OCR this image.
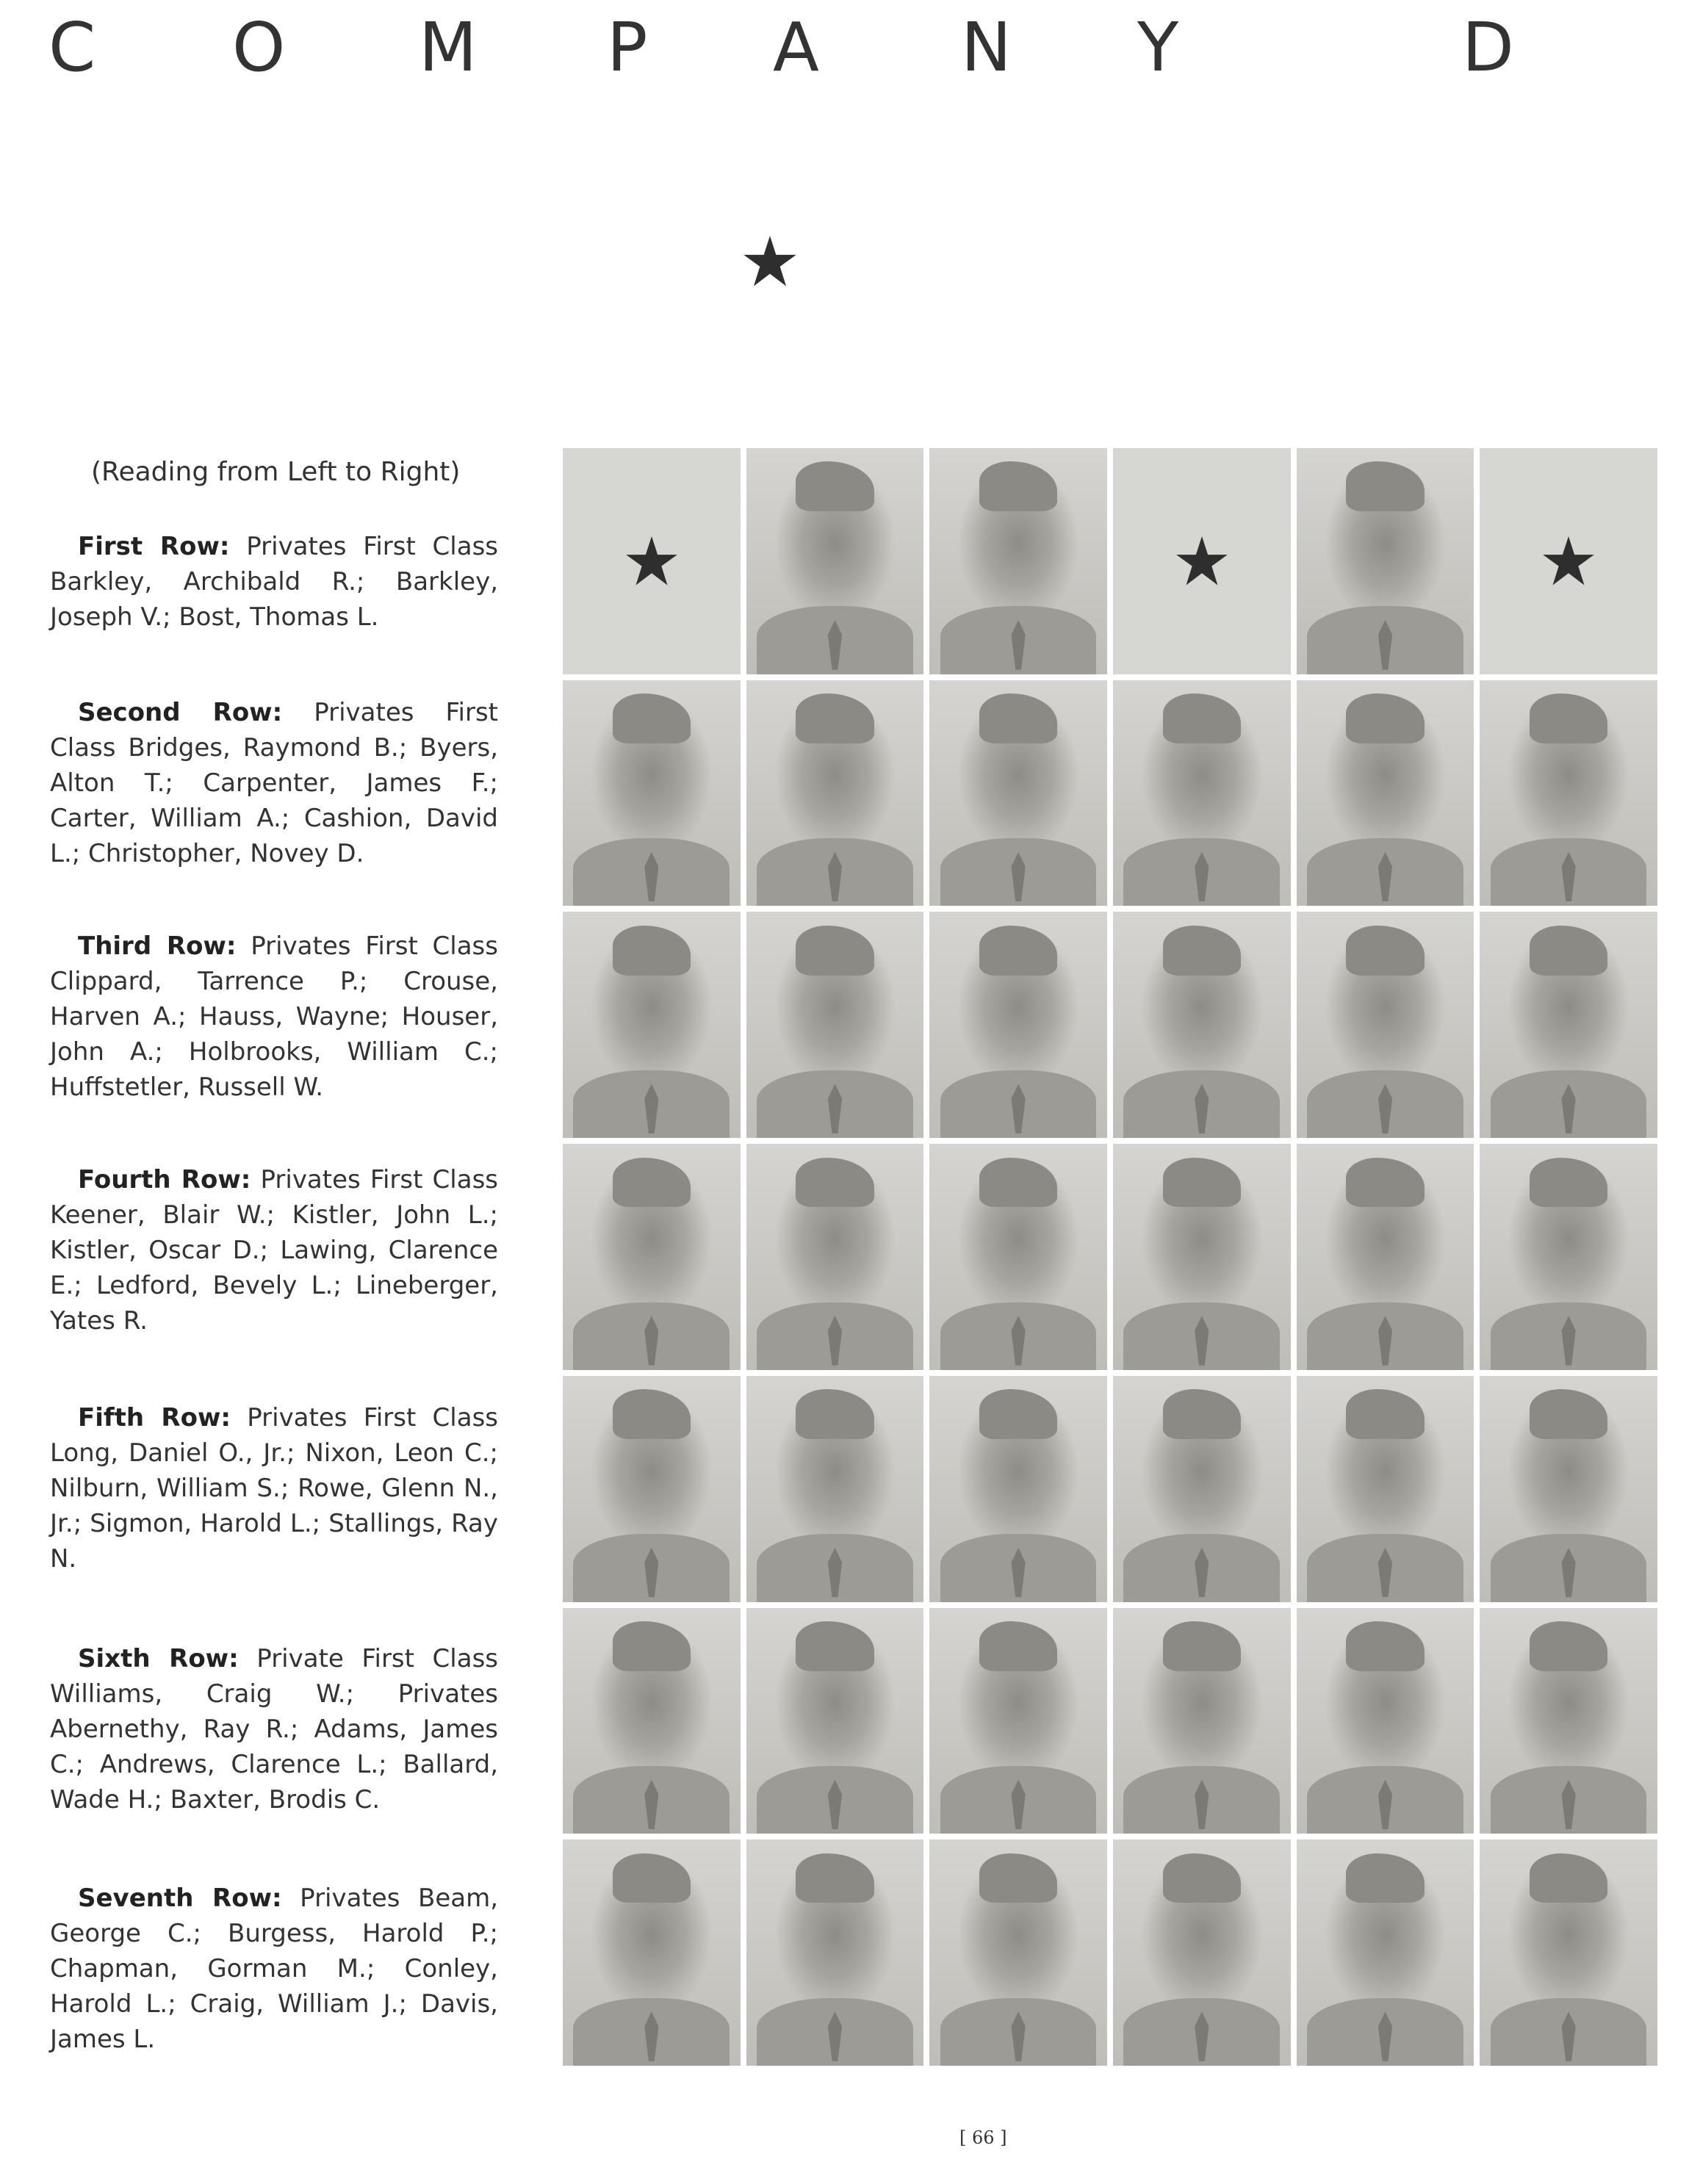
C O M P A N Y	D
(Reading from Left to Right)

First Row: Privates First Class Barkley, Archibald R.; Barkley, Joseph V.; Bost, Thomas L.

Second Row: Privates First Class Bridges, Raymond B.; Byers, Alton T.; Carpenter, James F.; Carter, William A.; Cashion, David L.; Christopher, Novey D.

Third Row: Privates First Class Clippard, Tarrence P.; Crouse, Harven A.; Hauss, Wayne; Houser, John A.; Holbrooks, William C.; Huffstetler, Russell W.

Fourth Row: Privates First Class Keener, Blair W.; Kistler, John L.; Kistler, Oscar D.; Lawing, Clarence E.; Ledford, Bevely L.; Lineberger, Yates R.

Fifth Row: Privates First Class Long, Daniel O., Jr.; Nixon, Leon C.; Nilburn, William S.; Rowe, Glenn N., Jr.; Sigmon, Harold L.; Stallings, Ray N.

Sixth Row: Private First Class Williams, Craig W.; Privates Abernethy, Ray R.; Adams, James C.; Andrews, Clarence L.; Ballard, Wade H.; Baxter, Brodis C.

Seventh Row: Privates Beam, George C.; Burgess, Harold P.; Chapman, Gorman M.; Conley, Harold L.; Craig, William J.; Davis, James L.

[ 66 ]
